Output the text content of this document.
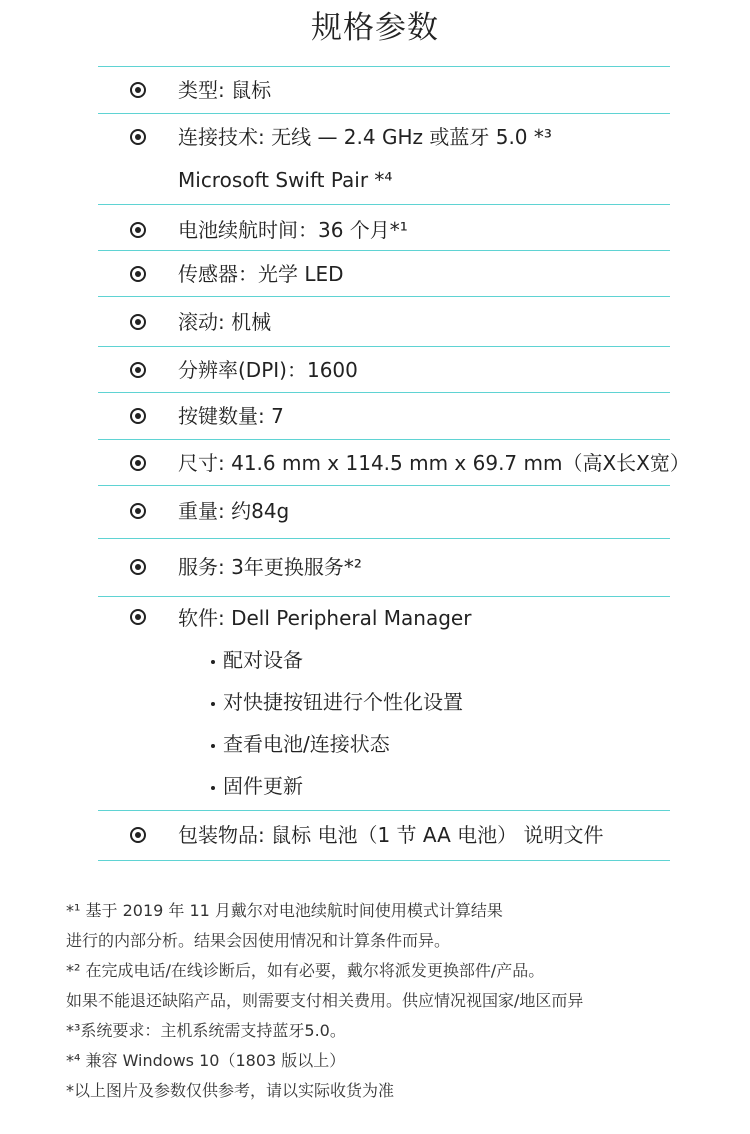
规格参数
类型: 鼠标
连接技术: 无线 — 2.4 GHz 或蓝牙 5.0 *³
Microsoft Swift Pair *⁴
电池续航时间：36 个月*¹
传感器：光学 LED
滚动: 机械
分辨率(DPI)：1600
按键数量: 7
尺寸: 41.6 mm x 114.5 mm x 69.7 mm（高X长X宽）
重量: 约84g
服务: 3年更换服务*²
软件: Dell Peripheral Manager
配对设备
对快捷按钮进行个性化设置
查看电池/连接状态
固件更新
包装物品: 鼠标 电池（1 节 AA 电池） 说明文件
*¹ 基于 2019 年 11 月戴尔对电池续航时间使用模式计算结果
进行的内部分析。结果会因使用情况和计算条件而异。
*² 在完成电话/在线诊断后，如有必要，戴尔将派发更换部件/产品。
如果不能退还缺陷产品，则需要支付相关费用。供应情况视国家/地区而异
*³系统要求：主机系统需支持蓝牙5.0。
*⁴ 兼容 Windows 10（1803 版以上）
*以上图片及参数仅供参考，请以实际收货为准
